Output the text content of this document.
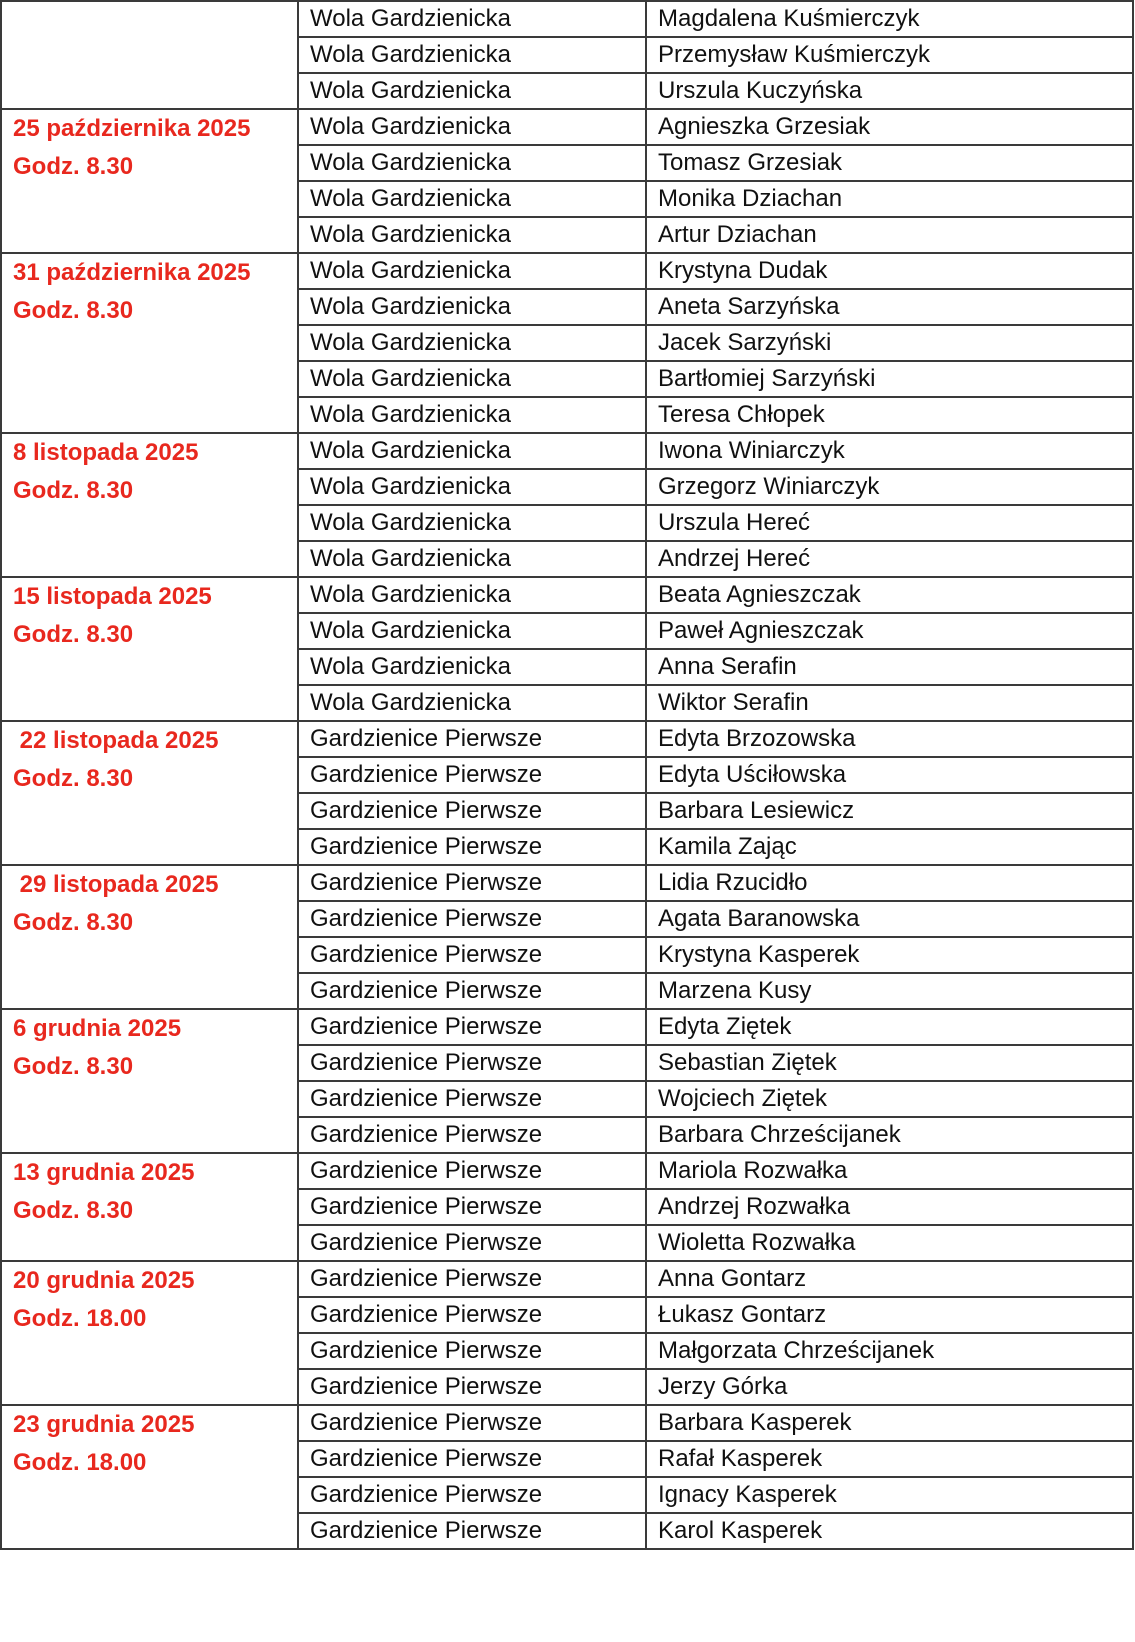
	Wola Gardzienicka	Magdalena Kuśmierczyk
	Wola Gardzienicka	Przemysław Kuśmierczyk
	Wola Gardzienicka	Urszula Kuczyńska

25 października 2025
Godz. 8.30	Wola Gardzienicka	Agnieszka Grzesiak
	Wola Gardzienicka	Tomasz Grzesiak
	Wola Gardzienicka	Monika Dziachan
	Wola Gardzienicka	Artur Dziachan

31 października 2025
Godz. 8.30	Wola Gardzienicka	Krystyna Dudak
	Wola Gardzienicka	Aneta Sarzyńska
	Wola Gardzienicka	Jacek Sarzyński
	Wola Gardzienicka	Bartłomiej Sarzyński
	Wola Gardzienicka	Teresa Chłopek

8 listopada 2025
Godz. 8.30	Wola Gardzienicka	Iwona Winiarczyk
	Wola Gardzienicka	Grzegorz Winiarczyk
	Wola Gardzienicka	Urszula Hereć
	Wola Gardzienicka	Andrzej Hereć

15 listopada 2025
Godz. 8.30	Wola Gardzienicka	Beata Agnieszczak
	Wola Gardzienicka	Paweł Agnieszczak
	Wola Gardzienicka	Anna Serafin
	Wola Gardzienicka	Wiktor Serafin

22 listopada 2025
Godz. 8.30	Gardzienice Pierwsze	Edyta Brzozowska
	Gardzienice Pierwsze	Edyta Uściłowska
	Gardzienice Pierwsze	Barbara Lesiewicz
	Gardzienice Pierwsze	Kamila Zając

29 listopada 2025
Godz. 8.30	Gardzienice Pierwsze	Lidia Rzucidło
	Gardzienice Pierwsze	Agata Baranowska
	Gardzienice Pierwsze	Krystyna Kasperek
	Gardzienice Pierwsze	Marzena Kusy

6 grudnia 2025
Godz. 8.30	Gardzienice Pierwsze	Edyta Ziętek
	Gardzienice Pierwsze	Sebastian Ziętek
	Gardzienice Pierwsze	Wojciech Ziętek
	Gardzienice Pierwsze	Barbara Chrześcijanek

13 grudnia 2025
Godz. 8.30	Gardzienice Pierwsze	Mariola Rozwałka
	Gardzienice Pierwsze	Andrzej Rozwałka
	Gardzienice Pierwsze	Wioletta Rozwałka

20 grudnia 2025
Godz. 18.00	Gardzienice Pierwsze	Anna Gontarz
	Gardzienice Pierwsze	Łukasz Gontarz
	Gardzienice Pierwsze	Małgorzata Chrześcijanek
	Gardzienice Pierwsze	Jerzy Górka

23 grudnia 2025
Godz. 18.00	Gardzienice Pierwsze	Barbara Kasperek
	Gardzienice Pierwsze	Rafał Kasperek
	Gardzienice Pierwsze	Ignacy Kasperek
	Gardzienice Pierwsze	Karol Kasperek
